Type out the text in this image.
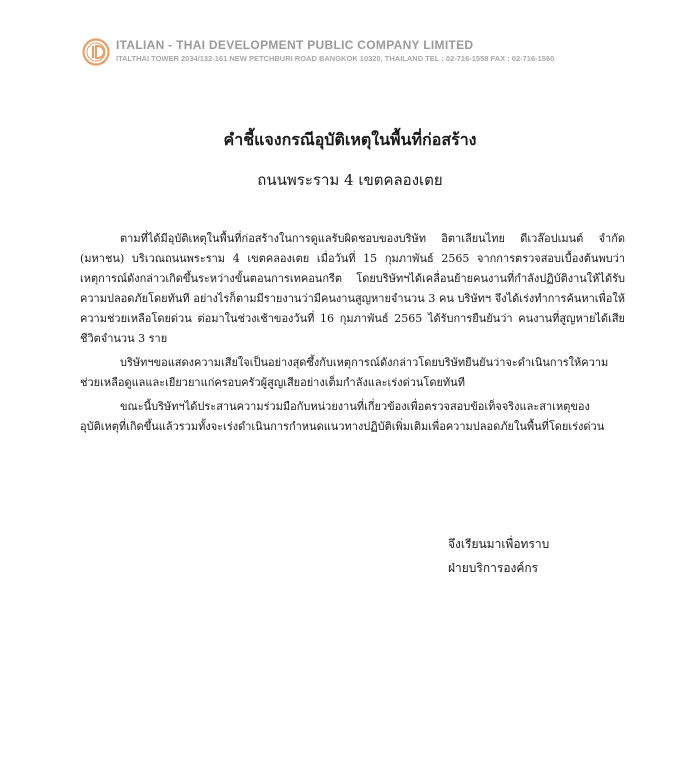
ITALIAN - THAI DEVELOPMENT PUBLIC COMPANY LIMITED
ITALTHAI TOWER 2034/132-161 NEW PETCHBURI ROAD BANGKOK 10320, THAILAND TEL : 02-716-1558 FAX : 02-716-1560
คำชี้แจงกรณีอุบัติเหตุในพื้นที่ก่อสร้าง
ถนนพระราม 4 เขตคลองเตย

ตามที่ได้มีอุบัติเหตุในพื้นที่ก่อสร้างในการดูแลรับผิดชอบของบริษัท อิตาเลียนไทย ดีเวล๊อปเมนต์ จำกัด (มหาชน) บริเวณถนนพระราม 4 เขตคลองเตย เมื่อวันที่ 15 กุมภาพันธ์ 2565 จากการตรวจสอบเบื้องต้นพบว่า เหตุการณ์ดังกล่าวเกิดขึ้นระหว่างขั้นตอนการเทคอนกรีต โดยบริษัทฯได้เคลื่อนย้ายคนงานที่กำลังปฏิบัติงานให้ได้รับความปลอดภัยโดยทันที อย่างไรก็ตามมีรายงานว่ามีคนงานสูญหายจำนวน 3 คน บริษัทฯ จึงได้เร่งทำการค้นหาเพื่อให้ความช่วยเหลือโดยด่วน ต่อมาในช่วงเช้าของวันที่ 16 กุมภาพันธ์ 2565 ได้รับการยืนยันว่า คนงานที่สูญหายได้เสียชีวิตจำนวน 3 ราย

บริษัทฯขอแสดงความเสียใจเป็นอย่างสุดซึ้งกับเหตุการณ์ดังกล่าวโดยบริษัทยืนยันว่าจะดำเนินการให้ความช่วยเหลือดูแลและเยียวยาแก่ครอบครัวผู้สูญเสียอย่างเต็มกำลังและเร่งด่วนโดยทันที

ขณะนี้บริษัทฯได้ประสานความร่วมมือกับหน่วยงานที่เกี่ยวข้องเพื่อตรวจสอบข้อเท็จจริงและสาเหตุของอุบัติเหตุที่เกิดขึ้นแล้วรวมทั้งจะเร่งดำเนินการกำหนดแนวทางปฏิบัติเพิ่มเติมเพื่อความปลอดภัยในพื้นที่โดยเร่งด่วน

จึงเรียนมาเพื่อทราบ
ฝ่ายบริการองค์กร
